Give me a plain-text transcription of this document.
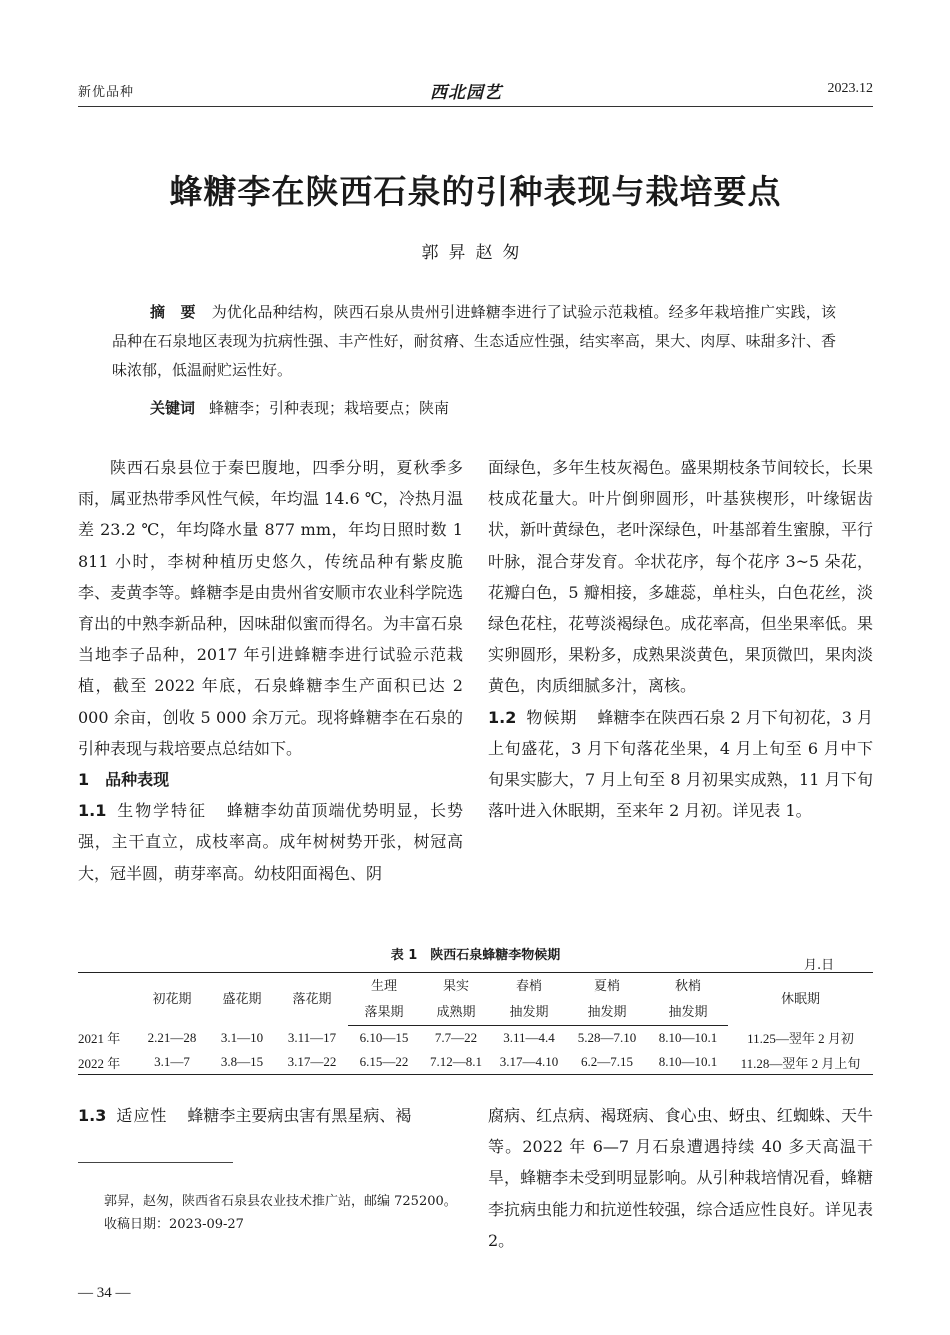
新优品种	西北园艺	2023.12
蜂糖李在陕西石泉的引种表现与栽培要点
郭昇赵匆
摘　要 为优化品种结构，陕西石泉从贵州引进蜂糖李进行了试验示范栽植。经多年栽培推广实践，该品种在石泉地区表现为抗病性强、丰产性好，耐贫瘠、生态适应性强，结实率高，果大、肉厚、味甜多汁、香味浓郁，低温耐贮运性好。
关键词 蜂糖李；引种表现；栽培要点；陕南

陕西石泉县位于秦巴腹地，四季分明，夏秋季多雨，属亚热带季风性气候，年均温 14.6 ℃，冷热月温差 23.2 ℃，年均降水量 877 mm，年均日照时数 1 811 小时，李树种植历史悠久，传统品种有紫皮脆李、麦黄李等。蜂糖李是由贵州省安顺市农业科学院选育出的中熟李新品种，因味甜似蜜而得名。为丰富石泉当地李子品种，2017 年引进蜂糖李进行试验示范栽植，截至 2022 年底，石泉蜂糖李生产面积已达 2 000 余亩，创收 5 000 余万元。现将蜂糖李在石泉的引种表现与栽培要点总结如下。

1　品种表现

1.1 生物学特征 蜂糖李幼苗顶端优势明显，长势强，主干直立，成枝率高。成年树树势开张，树冠高大，冠半圆，萌芽率高。幼枝阳面褐色、阴

面绿色，多年生枝灰褐色。盛果期枝条节间较长，长果枝成花量大。叶片倒卵圆形，叶基狭楔形，叶缘锯齿状，新叶黄绿色，老叶深绿色，叶基部着生蜜腺，平行叶脉，混合芽发育。伞状花序，每个花序 3~5 朵花，花瓣白色，5 瓣相接，多雄蕊，单柱头，白色花丝，淡绿色花柱，花萼淡褐绿色。成花率高，但坐果率低。果实卵圆形，果粉多，成熟果淡黄色，果顶微凹，果肉淡黄色，肉质细腻多汁，离核。

1.2 物候期 蜂糖李在陕西石泉 2 月下旬初花，3 月上旬盛花，3 月下旬落花坐果，4 月上旬至 6 月中下旬果实膨大，7 月上旬至 8 月初果实成熟，11 月下旬落叶进入休眠期，至来年 2 月初。详见表 1。

表 1　陕西石泉蜂糖李物候期
月.日
	初花期	盛花期	落花期	生理	果实	春梢	夏梢	秋梢	休眠期
				落果期	成熟期	抽发期	抽发期	抽发期	
2021 年	2.21—28	3.1—10	3.11—17	6.10—15	7.7—22	3.11—4.4	5.28—7.10	8.10—10.1	11.25—翌年 2 月初
2022 年	3.1—7	3.8—15	3.17—22	6.15—22	7.12—8.1	3.17—4.10	6.2—7.15	8.10—10.1	11.28—翌年 2 月上旬

1.3 适应性 蜂糖李主要病虫害有黑星病、褐	腐病、红点病、褐斑病、食心虫、蚜虫、红蜘蛛、天牛等。2022 年 6—7 月石泉遭遇持续 40 多天高温干旱，蜂糖李未受到明显影响。从引种栽培情况看，蜂糖李抗病虫能力和抗逆性较强，综合适应性良好。详见表 2。

郭昇，赵匆，陕西省石泉县农业技术推广站，邮编 725200。

收稿日期：2023-09-27

— 34 —
